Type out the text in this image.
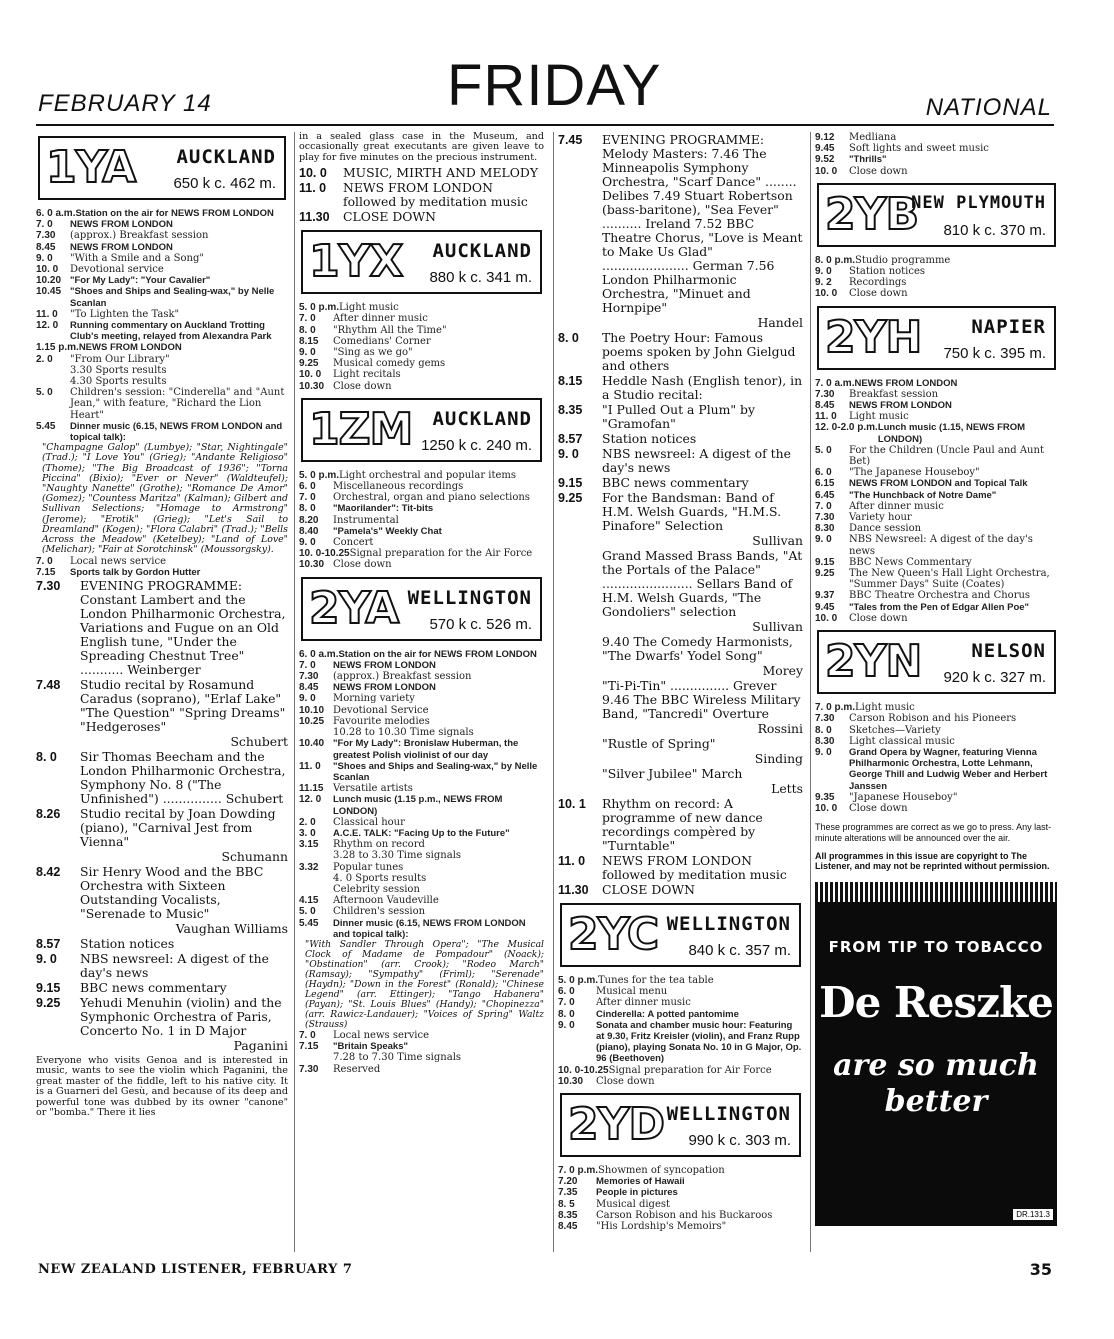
FEBRUARY 14	FRIDAY	NATIONAL
1YA AUCKLAND
650 k c. 462 m.
6. 0 a.m. Station on the air for NEWS FROM LONDON
7. 0	NEWS FROM LONDON
7.30	(approx.) Breakfast session
8.45	NEWS FROM LONDON
9. 0	"With a Smile and a Song"
10. 0	Devotional service
10.20 "For My Lady": "Your Cavalier"
10.45 "Shoes and Ships and Sealing-wax," by Nelle Scanlan
11. 0	"To Lighten the Task"
12. 0	Running commentary on Auckland Trotting Club's meeting, relayed from Alexandra Park
1.15 p.m. NEWS FROM LONDON
2. 0	"From Our Library"
3.30 Sports results
4.30 Sports results
5. 0	Children's session: "Cinderella" and "Aunt Jean," with feature, "Richard the Lion Heart"
5.45	Dinner music (6.15, NEWS FROM LONDON and topical talk):
"Champagne Galop" (Lumbye); "Star, Nightingale" (Trad.); "I Love You" (Grieg); "Andante Religioso" (Thome); "The Big Broadcast of 1936"; "Torna Piccina" (Bixio); "Ever or Never" (Waldteufel); "Naughty Nanette" (Grothe); "Romance De Amor" (Gomez); "Countess Maritza" (Kalman); Gilbert and Sullivan Selections; "Homage to Armstrong" (Jerome); "Erotik" (Grieg); "Let's Sail to Dreamland" (Kogen); "Flora Calabri" (Trad.); "Bells Across the Meadow" (Ketelbey); "Land of Love" (Melichar); "Fair at Sorotchinsk" (Moussorgsky).
7. 0	Local news service
7.15	Sports talk by Gordon Hutter
7.30	EVENING PROGRAMME: Constant Lambert and the London Philharmonic Orchestra, Variations and Fugue on an Old English tune, "Under the Spreading Chestnut Tree" ........... Weinberger
7.48	Studio recital by Rosamund Caradus (soprano), "Erlaf Lake" "The Question" "Spring Dreams" "Hedgeroses"
Schubert
8. 0	Sir Thomas Beecham and the London Philharmonic Orchestra, Symphony No. 8 ("The Unfinished") ............... Schubert
8.26	Studio recital by Joan Dowding (piano), "Carnival Jest from Vienna"
Schumann
8.42	Sir Henry Wood and the BBC Orchestra with Sixteen Outstanding Vocalists, "Serenade to Music"
Vaughan Williams
8.57	Station notices
9. 0	NBS newsreel: A digest of the day's news
9.15	BBC news commentary
9.25	Yehudi Menuhin (violin) and the Symphonic Orchestra of Paris, Concerto No. 1 in D Major
Paganini
Everyone who visits Genoa and is interested in music, wants to see the violin which Paganini, the great master of the fiddle, left to his native city. It is a Guarneri del Gesù, and because of its deep and powerful tone was dubbed by its owner "canone" or "bomba." There it lies
in a sealed glass case in the Museum, and occasionally great executants are given leave to play for five minutes on the precious instrument.
10. 0	MUSIC, MIRTH AND MELODY
11. 0	NEWS FROM LONDON followed by meditation music
11.30	CLOSE DOWN
1YX AUCKLAND
880 k c. 341 m.
5. 0 p.m. Light music
7. 0	After dinner music
8. 0	"Rhythm All the Time"
8.15	Comedians' Corner
9. 0	"Sing as we go"
9.25	Musical comedy gems
10. 0	Light recitals
10.30 Close down
1ZM AUCKLAND
1250 k c. 240 m.
5. 0 p.m. Light orchestral and popular items
6. 0	Miscellaneous recordings
7. 0	Orchestral, organ and piano selections
8. 0	"Maorilander": Tit-bits
8.20	Instrumental
8.40	"Pamela's" Weekly Chat
9. 0	Concert
10. 0-10.25 Signal preparation for the Air Force
10.30 Close down
2YA WELLINGTON
570 k c. 526 m.
6. 0 a.m. Station on the air for NEWS FROM LONDON
7. 0	NEWS FROM LONDON
7.30	(approx.) Breakfast session
8.45	NEWS FROM LONDON
9. 0	Morning variety
10.10 Devotional Service
10.25 Favourite melodies
10.28 to 10.30 Time signals
10.40 "For My Lady": Bronislaw Huberman, the greatest Polish violinist of our day
11. 0	"Shoes and Ships and Sealing-wax," by Nelle Scanlan
11.15 Versatile artists
12. 0	Lunch music (1.15 p.m., NEWS FROM LONDON)
2. 0	Classical hour
3. 0	A.C.E. TALK: "Facing Up to the Future"
3.15	Rhythm on record
3.28 to 3.30 Time signals
3.32	Popular tunes
4. 0 Sports results
Celebrity session
4.15	Afternoon Vaudeville
5. 0	Children's session
5.45	Dinner music (6.15, NEWS FROM LONDON and topical talk):
"With Sandler Through Opera"; "The Musical Clock of Madame de Pompadour" (Noack); "Obstination" (arr. Crook); "Rodeo March" (Ramsay); "Sympathy" (Friml); "Serenade" (Haydn); "Down in the Forest" (Ronald); "Chinese Legend" (arr. Ettinger); "Tango Habanera" (Payan); "St. Louis Blues" (Handy); "Chopinezza" (arr. Rawicz-Landauer); "Voices of Spring" Waltz (Strauss)
7. 0	Local news service
7.15	"Britain Speaks"
7.28 to 7.30 Time signals
7.30	Reserved
7.45	EVENING PROGRAMME: Melody Masters: 7.46 The Minneapolis Symphony Orchestra, "Scarf Dance" ........ Delibes 7.49 Stuart Robertson (bass-baritone), "Sea Fever" .......... Ireland 7.52 BBC Theatre Chorus, "Love is Meant to Make Us Glad" ...................... German 7.56 London Philharmonic Orchestra, "Minuet and Hornpipe"
Handel
8. 0	The Poetry Hour: Famous poems spoken by John Gielgud and others
8.15	Heddle Nash (English tenor), in a Studio recital:
8.35	"I Pulled Out a Plum" by "Gramofan"
8.57	Station notices
9. 0	NBS newsreel: A digest of the day's news
9.15	BBC news commentary
9.25	For the Bandsman: Band of H.M. Welsh Guards, "H.M.S. Pinafore" Selection
Sullivan
Grand Massed Brass Bands, "At the Portals of the Palace" ....................... Sellars Band of H.M. Welsh Guards, "The Gondoliers" selection
Sullivan
9.40 The Comedy Harmonists, "The Dwarfs' Yodel Song"
Morey
"Ti-Pi-Tin" ............... Grever 9.46 The BBC Wireless Military Band, "Tancredi" Overture
Rossini
"Rustle of Spring"
Sinding
"Silver Jubilee" March
Letts
10. 1	Rhythm on record: A programme of new dance recordings compèred by "Turntable"
11. 0	NEWS FROM LONDON followed by meditation music
11.30	CLOSE DOWN
2YC WELLINGTON
840 k c. 357 m.
5. 0 p.m. Tunes for the tea table
6. 0	Musical menu
7. 0	After dinner music
8. 0	Cinderella: A potted pantomime
9. 0	Sonata and chamber music hour: Featuring at 9.30, Fritz Kreisler (violin), and Franz Rupp (piano), playing Sonata No. 10 in G Major, Op. 96 (Beethoven)
10. 0-10.25 Signal preparation for Air Force
10.30	Close down
2YD WELLINGTON
990 k c. 303 m.
7. 0 p.m. Showmen of syncopation
7.20	Memories of Hawaii
7.35	People in pictures
8. 5	Musical digest
8.35	Carson Robison and his Buckaroos
8.45	"His Lordship's Memoirs"
9.12	Medliana
9.45	Soft lights and sweet music
9.52	"Thrills"
10. 0	Close down
2YB
NEW PLYMOUTH
810 k c. 370 m.
8. 0 p.m. Studio programme
9. 0	Station notices
9. 2	Recordings
10. 0	Close down
2YH	NAPIER
750 k c. 395 m.
7. 0 a.m. NEWS FROM LONDON
7.30	Breakfast session
8.45	NEWS FROM LONDON
11. 0	Light music
12. 0-2.0 p.m. Lunch music (1.15, NEWS FROM LONDON)
5. 0	For the Children (Uncle Paul and Aunt Bet)
6. 0	"The Japanese Houseboy"
6.15	NEWS FROM LONDON and Topical Talk
6.45	"The Hunchback of Notre Dame"
7. 0	After dinner music
7.30	Variety hour
8.30	Dance session
9. 0	NBS Newsreel: A digest of the day's news
9.15	BBC News Commentary
9.25	The New Queen's Hall Light Orchestra, "Summer Days" Suite (Coates)
9.37	BBC Theatre Orchestra and Chorus
9.45	"Tales from the Pen of Edgar Allen Poe"
10. 0	Close down
2YN	NELSON
920 k c. 327 m.
7. 0 p.m. Light music
7.30	Carson Robison and his Pioneers
8. 0	Sketches—Variety
8.30	Light classical music
9. 0	Grand Opera by Wagner, featuring Vienna Philharmonic Orchestra, Lotte Lehmann, George Thill and Ludwig Weber and Herbert Janssen
9.35	"Japanese Houseboy"
10. 0	Close down
These programmes are correct as we go to press. Any last-minute alterations will be announced over the air.
All programmes in this issue are copyright to The Listener, and may not be reprinted without permission.
FROM TIP TO TOBACCO
De Reszke
are so much better
DR.131.3
NEW ZEALAND LISTENER, FEBRUARY 7	35
